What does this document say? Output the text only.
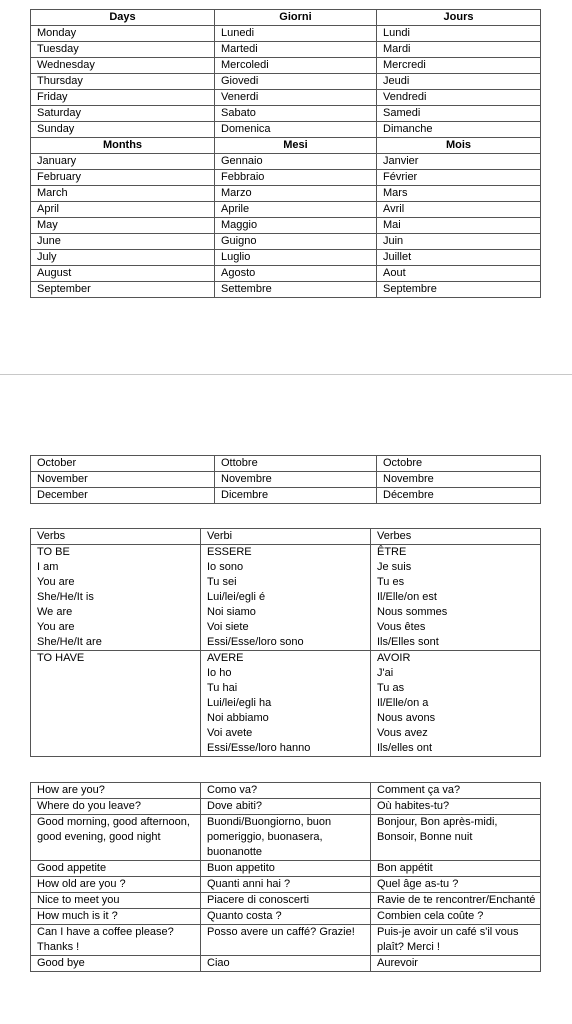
Days	Giorni	Jours
Monday	Lunedi	Lundi
Tuesday	Martedi	Mardi
Wednesday	Mercoledi	Mercredi
Thursday	Giovedi	Jeudi
Friday	Venerdi	Vendredi
Saturday	Sabato	Samedi
Sunday	Domenica	Dimanche
Months	Mesi	Mois
January	Gennaio	Janvier
February	Febbraio	Février
March	Marzo	Mars
April	Aprile	Avril
May	Maggio	Mai
June	Guigno	Juin
July	Luglio	Juillet
August	Agosto	Aout
September	Settembre	Septembre
October	Ottobre	Octobre
November	Novembre	Novembre
December	Dicembre	Décembre
Verbs	Verbi	Verbes
TO BE	ESSERE	ÊTRE
I am	Io sono	Je suis
You are	Tu sei	Tu es
She/He/It is	Lui/lei/egli é	Il/Elle/on est
We are	Noi siamo	Nous sommes
You are	Voi siete	Vous êtes
She/He/It are	Essi/Esse/loro sono	Ils/Elles sont
TO HAVE	AVERE	AVOIR
	Io ho	J'ai
	Tu hai	Tu as
	Lui/lei/egli ha	Il/Elle/on a
	Noi abbiamo	Nous avons
	Voi avete	Vous avez
	Essi/Esse/loro hanno	Ils/elles ont
How are you?	Como va?	Comment ça va?
Where do you leave?	Dove abiti?	Où habites-tu?
Good morning, good afternoon, good evening, good night	Buondi/Buongiorno, buon pomeriggio, buonasera, buonanotte	Bonjour, Bon après-midi, Bonsoir, Bonne nuit
Good appetite	Buon appetito	Bon appétit
How old are you ?	Quanti anni hai ?	Quel âge as-tu ?
Nice to meet you	Piacere di conoscerti	Ravie de te rencontrer/Enchanté
How much is it ?	Quanto costa ?	Combien cela coûte ?
Can I have a coffee please? Thanks !	Posso avere un caffé? Grazie!	Puis-je avoir un café s'il vous plaît? Merci !
Good bye	Ciao	Aurevoir
